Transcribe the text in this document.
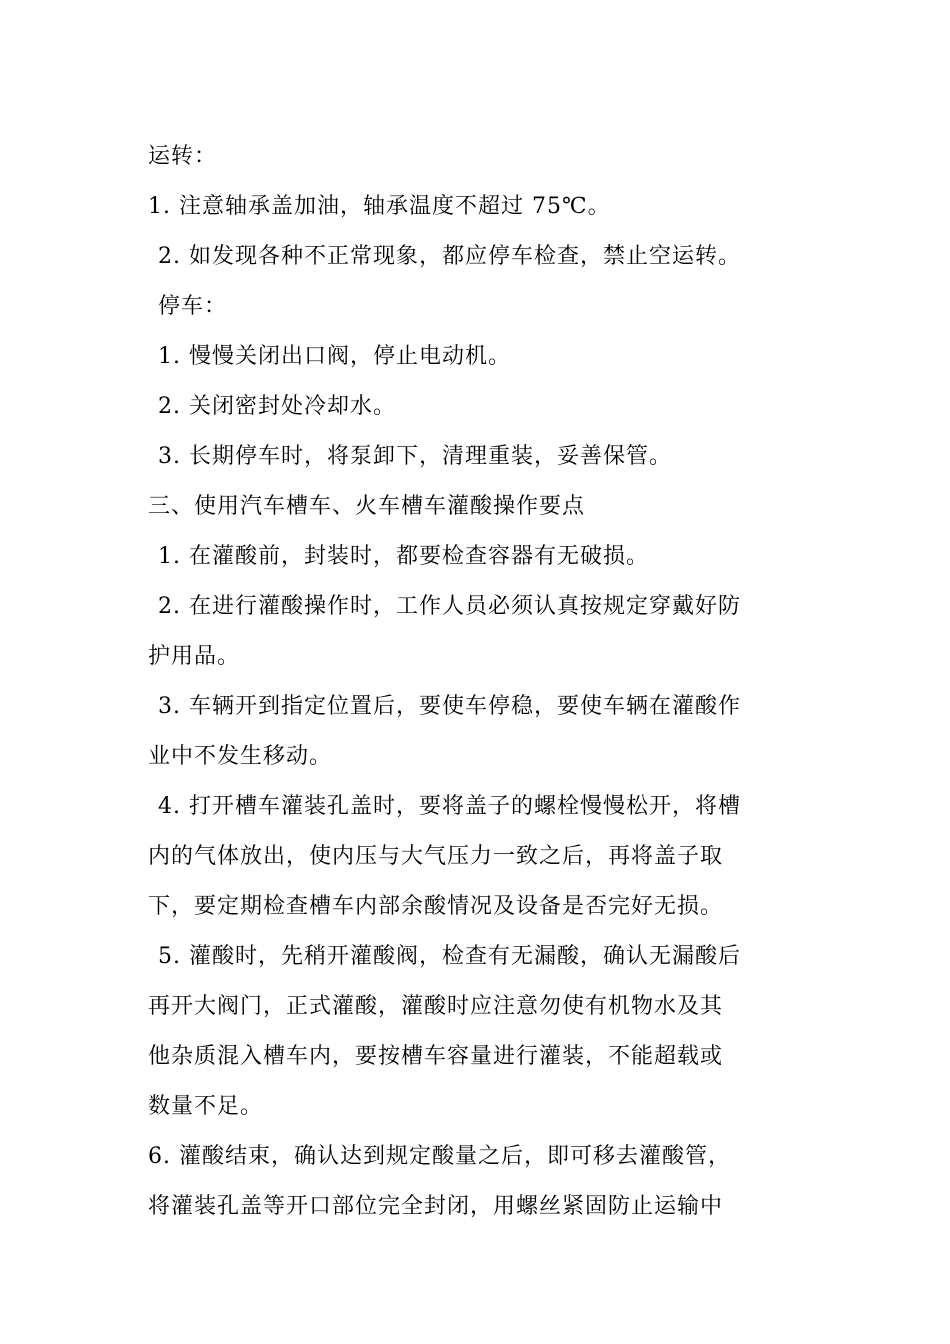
运转：
1. 注意轴承盖加油，轴承温度不超过 75℃。
2. 如发现各种不正常现象，都应停车检查，禁止空运转。
停车：
1. 慢慢关闭出口阀，停止电动机。
2. 关闭密封处冷却水。
3. 长期停车时，将泵卸下，清理重装，妥善保管。
三、使用汽车槽车、火车槽车灌酸操作要点
1. 在灌酸前，封装时，都要检查容器有无破损。
2. 在进行灌酸操作时，工作人员必须认真按规定穿戴好防
护用品。
3. 车辆开到指定位置后，要使车停稳，要使车辆在灌酸作
业中不发生移动。
4. 打开槽车灌装孔盖时，要将盖子的螺栓慢慢松开，将槽
内的气体放出，使内压与大气压力一致之后，再将盖子取
下，要定期检查槽车内部余酸情况及设备是否完好无损。
5. 灌酸时，先稍开灌酸阀，检查有无漏酸，确认无漏酸后
再开大阀门，正式灌酸，灌酸时应注意勿使有机物水及其
他杂质混入槽车内，要按槽车容量进行灌装，不能超载或
数量不足。
6. 灌酸结束，确认达到规定酸量之后，即可移去灌酸管，
将灌装孔盖等开口部位完全封闭，用螺丝紧固防止运输中
